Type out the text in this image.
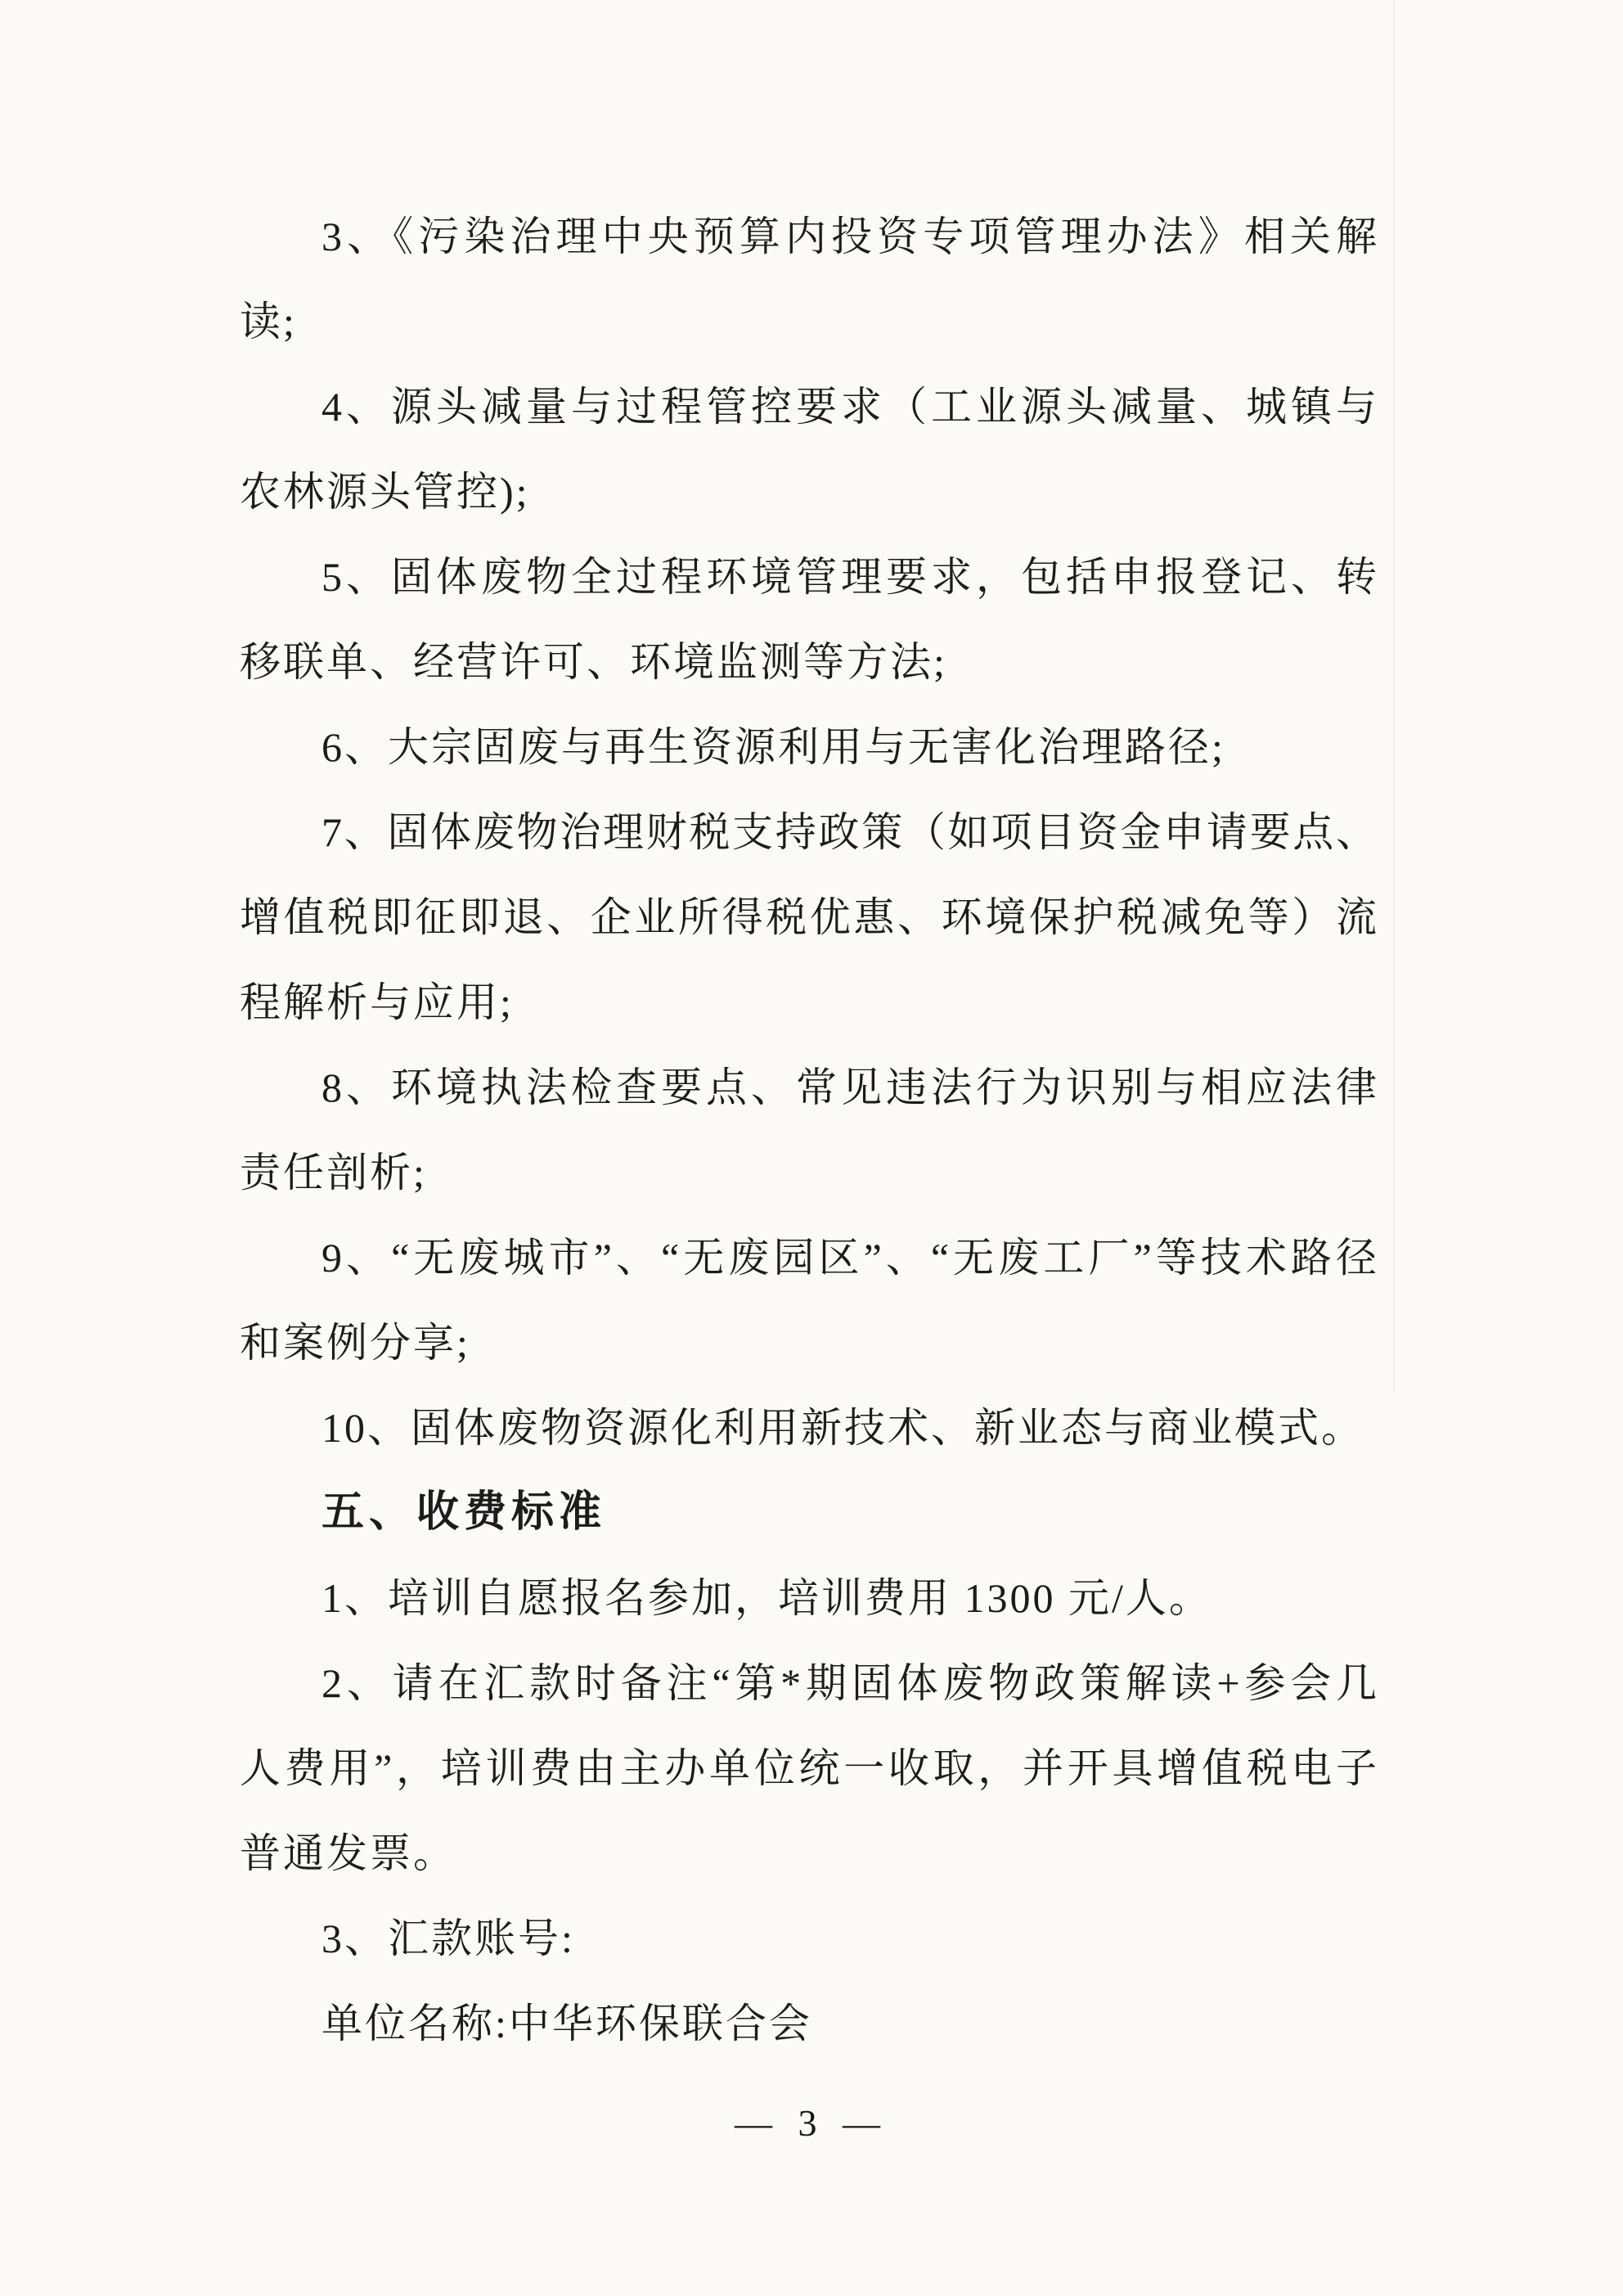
3、《污染治理中央预算内投资专项管理办法》相关解
读;
4、源头减量与过程管控要求（工业源头减量、城镇与
农林源头管控);
5、固体废物全过程环境管理要求，包括申报登记、转
移联单、经营许可、环境监测等方法;
6、大宗固废与再生资源利用与无害化治理路径;
7、固体废物治理财税支持政策（如项目资金申请要点、
增值税即征即退、企业所得税优惠、环境保护税减免等）流
程解析与应用;
8、环境执法检查要点、常见违法行为识别与相应法律
责任剖析;
9、“无废城市”、“无废园区”、“无废工厂”等技术路径
和案例分享;
10、固体废物资源化利用新技术、新业态与商业模式。
五、收费标准
1、培训自愿报名参加，培训费用 1300 元/人。
2、请在汇款时备注“第*期固体废物政策解读+参会几
人费用”，培训费由主办单位统一收取，并开具增值税电子
普通发票。
3、汇款账号:
单位名称:中华环保联合会
— 3 —
